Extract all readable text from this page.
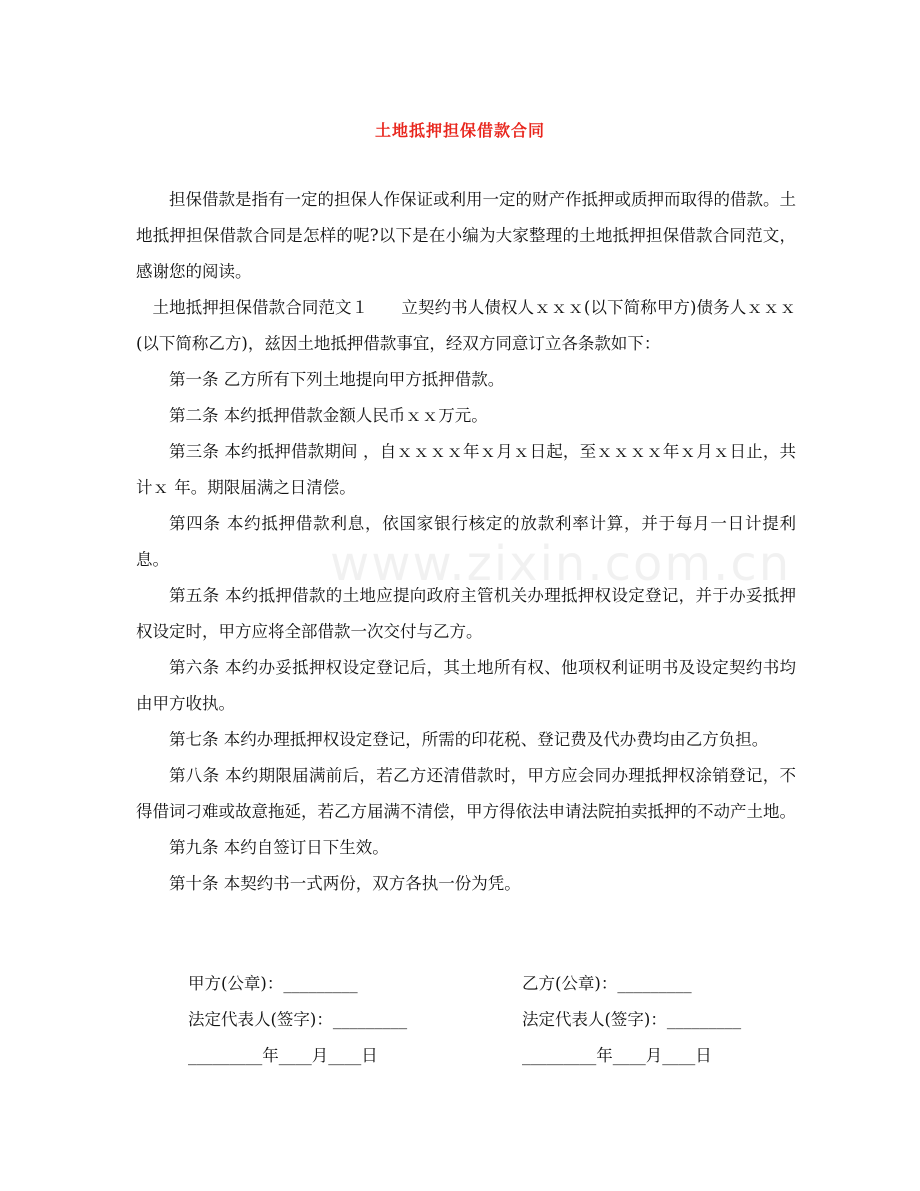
土地抵押担保借款合同
www.zixin.com.cn

担保借款是指有一定的担保人作保证或利用一定的财产作抵押或质押而取得的借款。土地抵押担保借款合同是怎样的呢?以下是在小编为大家整理的土地抵押担保借款合同范文，感谢您的阅读。

土地抵押担保借款合同范文１　　立契约书人债权人ｘｘｘ(以下简称甲方)债务人ｘｘｘ(以下简称乙方)，兹因土地抵押借款事宜，经双方同意订立各条款如下：

第一条 乙方所有下列土地提向甲方抵押借款。

第二条 本约抵押借款金额人民币ｘｘ万元。

第三条 本约抵押借款期间 ，自ｘｘｘｘ年ｘ月ｘ日起，至ｘｘｘｘ年ｘ月ｘ日止，共计ｘ 年。期限届满之日清偿。

第四条 本约抵押借款利息，依国家银行核定的放款利率计算，并于每月一日计提利息。

第五条 本约抵押借款的土地应提向政府主管机关办理抵押权设定登记，并于办妥抵押权设定时，甲方应将全部借款一次交付与乙方。

第六条 本约办妥抵押权设定登记后，其土地所有权、他项权利证明书及设定契约书均由甲方收执。

第七条 本约办理抵押权设定登记，所需的印花税、登记费及代办费均由乙方负担。

第八条 本约期限届满前后，若乙方还清借款时，甲方应会同办理抵押权涂销登记，不得借词刁难或故意拖延，若乙方届满不清偿，甲方得依法申请法院拍卖抵押的不动产土地。

第九条 本约自签订日下生效。

第十条 本契约书一式两份，双方各执一份为凭。

甲方(公章)：_________	乙方(公章)：_________
法定代表人(签字)：_________	法定代表人(签字)：_________
_________年____月____日	_________年____月____日
